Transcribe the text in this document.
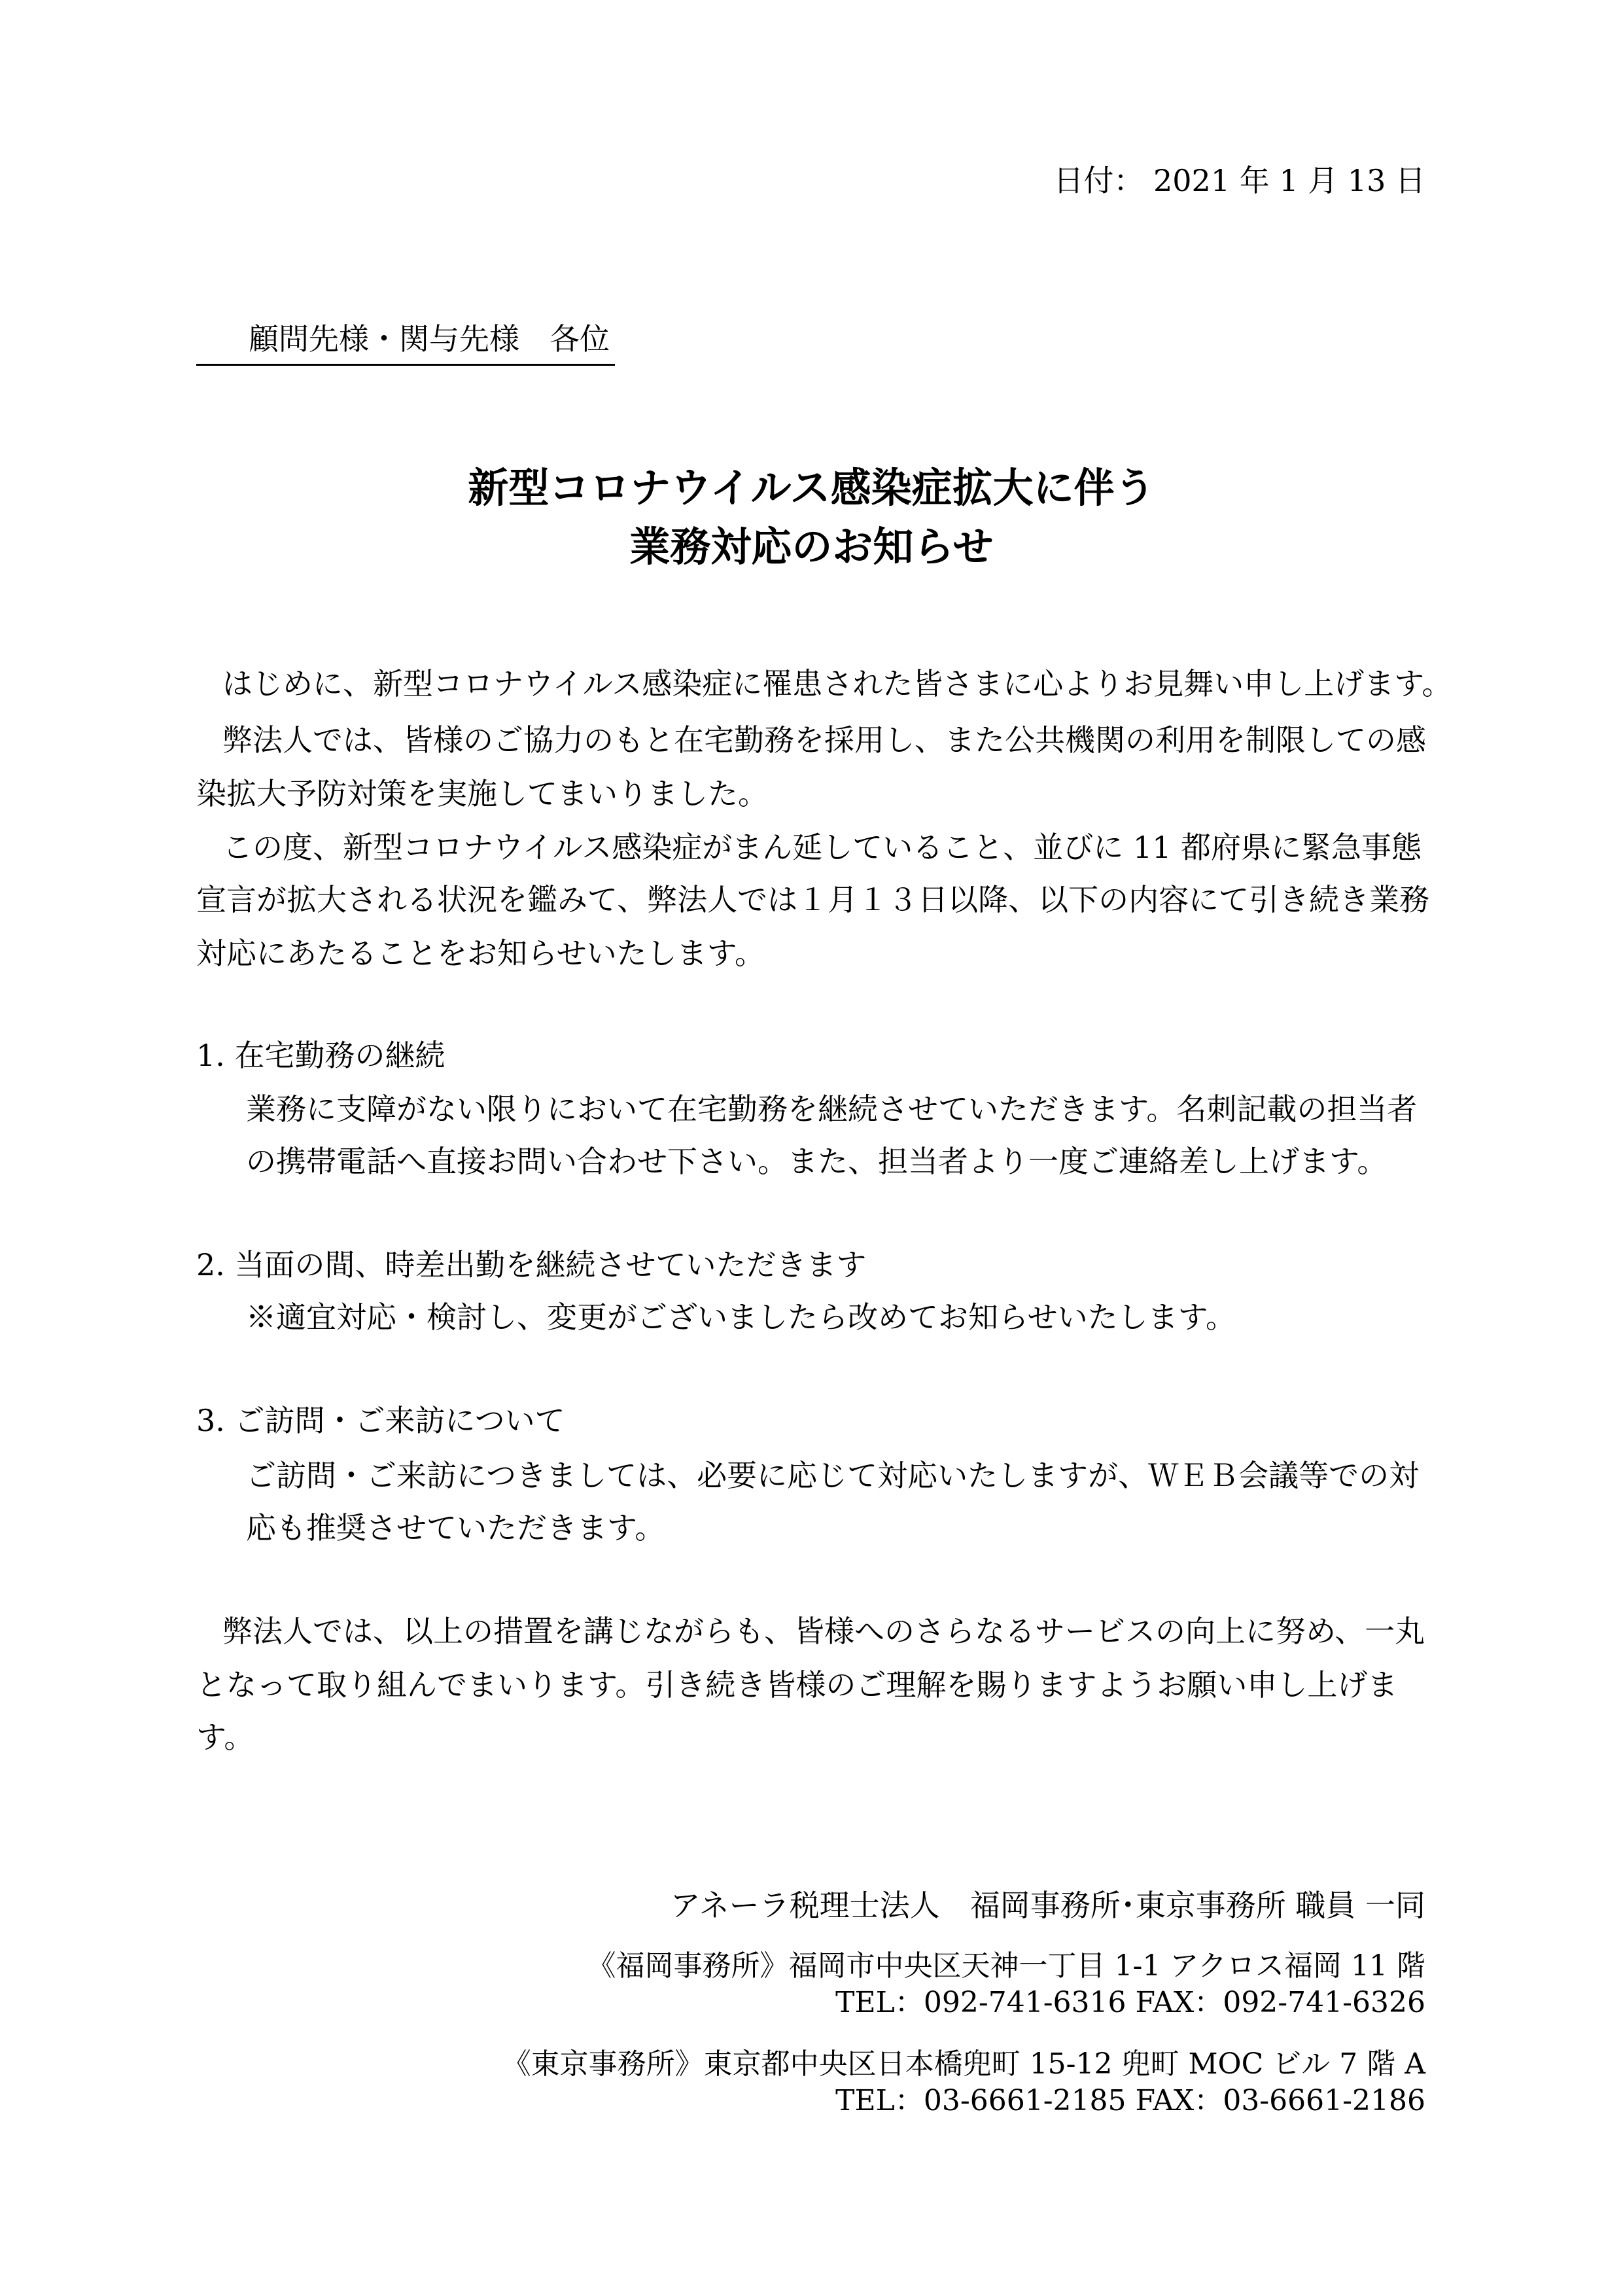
日付： 2021 年 1 月 13 日
顧問先様・関与先様　各位
新型コロナウイルス感染症拡大に伴う
業務対応のお知らせ
はじめに、新型コロナウイルス感染症に罹患された皆さまに心よりお見舞い申し上げます。
弊法人では、皆様のご協力のもと在宅勤務を採用し、また公共機関の利用を制限しての感
染拡大予防対策を実施してまいりました。
この度、新型コロナウイルス感染症がまん延していること、並びに 11 都府県に緊急事態
宣言が拡大される状況を鑑みて、弊法人では１月１３日以降、以下の内容にて引き続き業務
対応にあたることをお知らせいたします。
1. 在宅勤務の継続
業務に支障がない限りにおいて在宅勤務を継続させていただきます。名刺記載の担当者
の携帯電話へ直接お問い合わせ下さい。また、担当者より一度ご連絡差し上げます。
2. 当面の間、時差出勤を継続させていただきます
※適宜対応・検討し、変更がございましたら改めてお知らせいたします。
3. ご訪問・ご来訪について
ご訪問・ご来訪につきましては、必要に応じて対応いたしますが、ＷＥＢ会議等での対
応も推奨させていただきます。
弊法人では、以上の措置を講じながらも、皆様へのさらなるサービスの向上に努め、一丸
となって取り組んでまいります。引き続き皆様のご理解を賜りますようお願い申し上げま
す。
アネーラ税理士法人　福岡事務所･東京事務所 職員 一同
《福岡事務所》福岡市中央区天神一丁目 1-1 アクロス福岡 11 階
TEL：092-741-6316 FAX：092-741-6326
《東京事務所》東京都中央区日本橋兜町 15-12 兜町 MOC ビル 7 階 A
TEL：03-6661-2185 FAX：03-6661-2186
